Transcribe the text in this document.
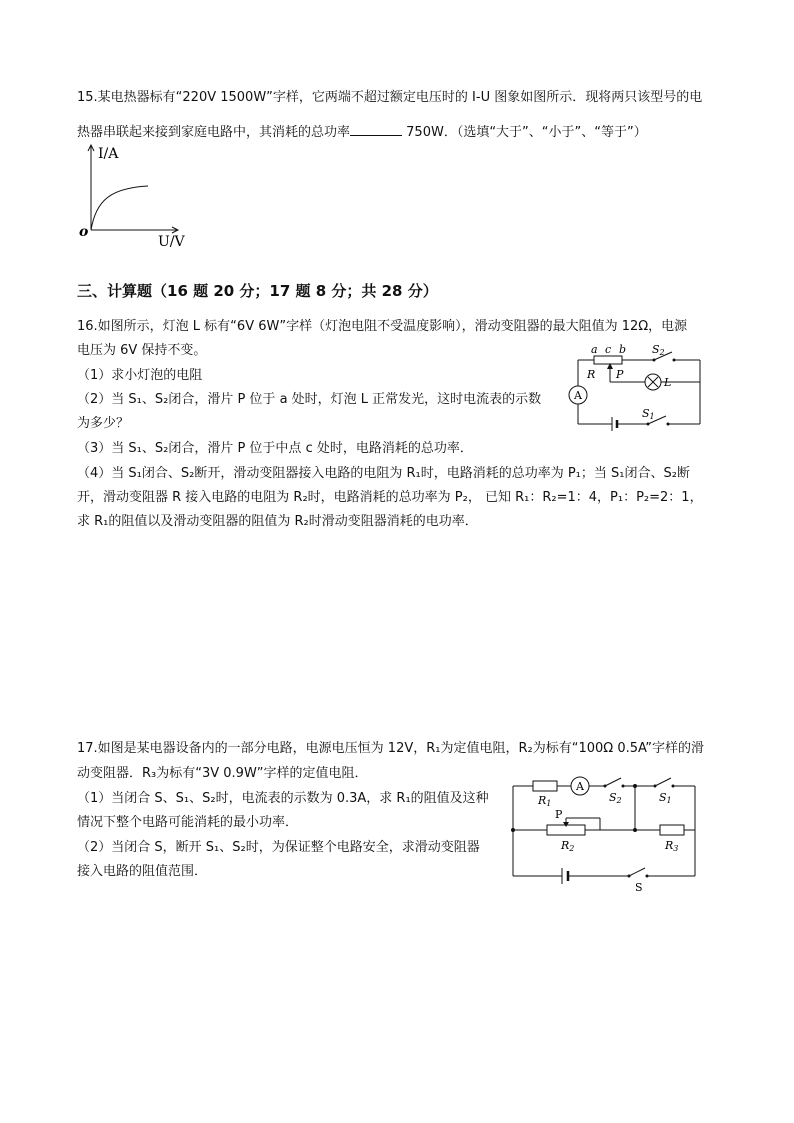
15.某电热器标有“220V 1500W”字样，它两端不超过额定电压时的 I-U 图象如图所示．现将两只该型号的电

热器串联起来接到家庭电路中，其消耗的总功率	750W．（选填“大于”、“小于”、“等于”）

I/A
U/V
o

三、计算题（16 题 20 分；17 题 8 分；共 28 分）

16.如图所示，灯泡 L 标有“6V 6W”字样（灯泡电阻不受温度影响），滑动变阻器的最大阻值为 12Ω，电源

电压为 6V 保持不变。

（1）求小灯泡的电阻

（2）当 S₁、S₂闭合，滑片 P 位于 a 处时，灯泡 L 正常发光，这时电流表的示数

为多少？

（3）当 S₁、S₂闭合，滑片 P 位于中点 c 处时，电路消耗的总功率．

（4）当 S₁闭合、S₂断开，滑动变阻器接入电路的电阻为 R₁时，电路消耗的总功率为 P₁；当 S₁闭合、S₂断

开，滑动变阻器 R 接入电路的电阻为 R₂时，电路消耗的总功率为 P₂， 已知 R₁：R₂=1：4，P₁：P₂=2：1，

求 R₁的阻值以及滑动变阻器的阻值为 R₂时滑动变阻器消耗的电功率．

A
a c b
R P
L
S2
S1

17.如图是某电器设备内的一部分电路，电源电压恒为 12V，R₁为定值电阻，R₂为标有“100Ω 0.5A”字样的滑

动变阻器．R₃为标有“3V 0.9W”字样的定值电阻．

（1）当闭合 S、S₁、S₂时，电流表的示数为 0.3A，求 R₁的阻值及这种

情况下整个电路可能消耗的最小功率．

（2）当闭合 S，断开 S₁、S₂时，为保证整个电路安全，求滑动变阻器

接入电路的阻值范围．

A
R1	S2	S1
P
R2	R3
S
